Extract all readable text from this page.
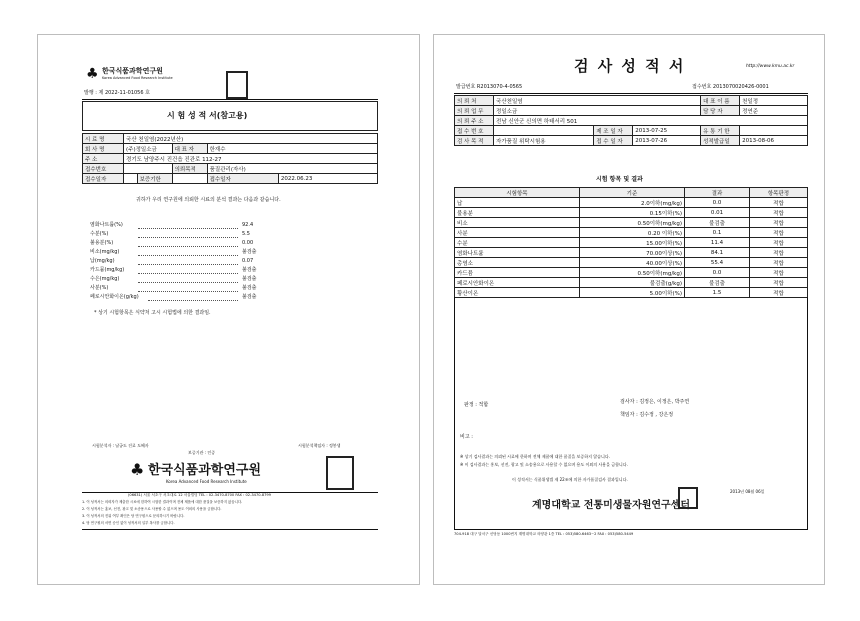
♣ 한국식품과학연구원
Korea Advanced Food Research Institute
발행 : 제 2022-11-01056 호
시 험 성 적 서(참고용)
시 료 명	국산 천일염(2022년산)				
회 사 명	(주)정일소금		대 표 자	한재수	
주 소	경기도 남양주시 진건읍 진관로 112-27				
접수번호			의뢰목적	품질관리(자사)	
접수일자		보증기한		접수일자	2022.06.23
귀하가 우리 연구원에 의뢰한 시료의 분석 결과는 다음과 같습니다.
염화나트륨(%)	92.4
수분(%)	5.5
불용분(%)	0.00
비소(mg/kg)	불검출
납(mg/kg)	0.07
카드뮴(mg/kg)	불검출
수은(mg/kg)	불검출
사분(%)	불검출
페로시안화이온(g/kg)	불검출
* 상기 시험항목은 식약처 고시 시험법에 의한 결과임.
시험분석자 : 남궁도 진료 도혜자
보증기관 : 인증
시험분석책임자 : 정봉생
♣ 한국식품과학연구원
Korea Advanced Food Research Institute
(06631) 서울 서초구 서초대로 12 서울빌딩 TEL : 02-3470-8700 FAX : 02-3470-8799
1. 이 성적서는 의뢰자가 제출한 시료에 한하여 시험한 결과이며 전체 제품에 대한 품질을 보증하지 않습니다.
2. 이 성적서는 홍보, 선전, 광고 및 소송용으로 사용할 수 없으며 용도 이외의 사용을 금합니다.
3. 이 성적서의 진위 여부 확인은 당 연구원으로 문의하시기 바랍니다.
4. 당 연구원의 서면 승인 없이 성적서의 일부 복사를 금합니다.
검 사 성 적 서	http://www.kmu.ac.kr
발급번호 R2013070-4-0565	접수번호 2013070020426-0001
의 뢰 처	국산천일염			대 표 이 름	천일정
의 뢰 업 무	정일소금			담 당 자	정연준
의 뢰 주 소	전남 신안군 신의면 하태서리 501				
접 수 번 호		제 조 일 자	2013-07-25	유 통 기 한	
검 사 목 적	자가품질 위탁시험용	접 수 일 자	2013-07-26	성적발급일	2013-08-06
시험 항목 및 결과
시험항목	기준	결과	항목판정
납	2.0이하(mg/kg)	0.0	적합
불용분	0.15이하(%)	0.01	적합
비소	0.50이하(mg/kg)	불검출	적합
사분	0.20 이하(%)	0.1	적합
수분	15.00이하(%)	11.4	적합
염화나트륨	70.00이상(%)	84.1	적합
총염소	40.00이상(%)	55.4	적합
카드뮴	0.50이하(mg/kg)	0.0	적합
페로시안화이온	불검출(g/kg)	불검출	적합
황산이온	5.00이하(%)	1.5	적합
판정 : 적합	검사자 : 김정은, 이정은, 박주연
책임자 : 김수정 , 강은정
비고 :
※ 상기 검사결과는 의뢰된 시료에 한하며 전체 제품에 대한 품질을 보증하지 않습니다.
※ 이 검사결과는 홍보, 선전, 광고 및 소송용으로 사용할 수 없으며 용도 이외의 사용을 금합니다.
이 성적서는 식품위생법 제 22조에 의한 자가품질검사 결과입니다.
계명대학교 전통미생물자원연구센터
2013년 08월 06일
704-918 대구 달서구 신당동 1000번지 계명대학교 의양관 1층 TEL : 053)580-6463~2 FAX : 053)580-5449
